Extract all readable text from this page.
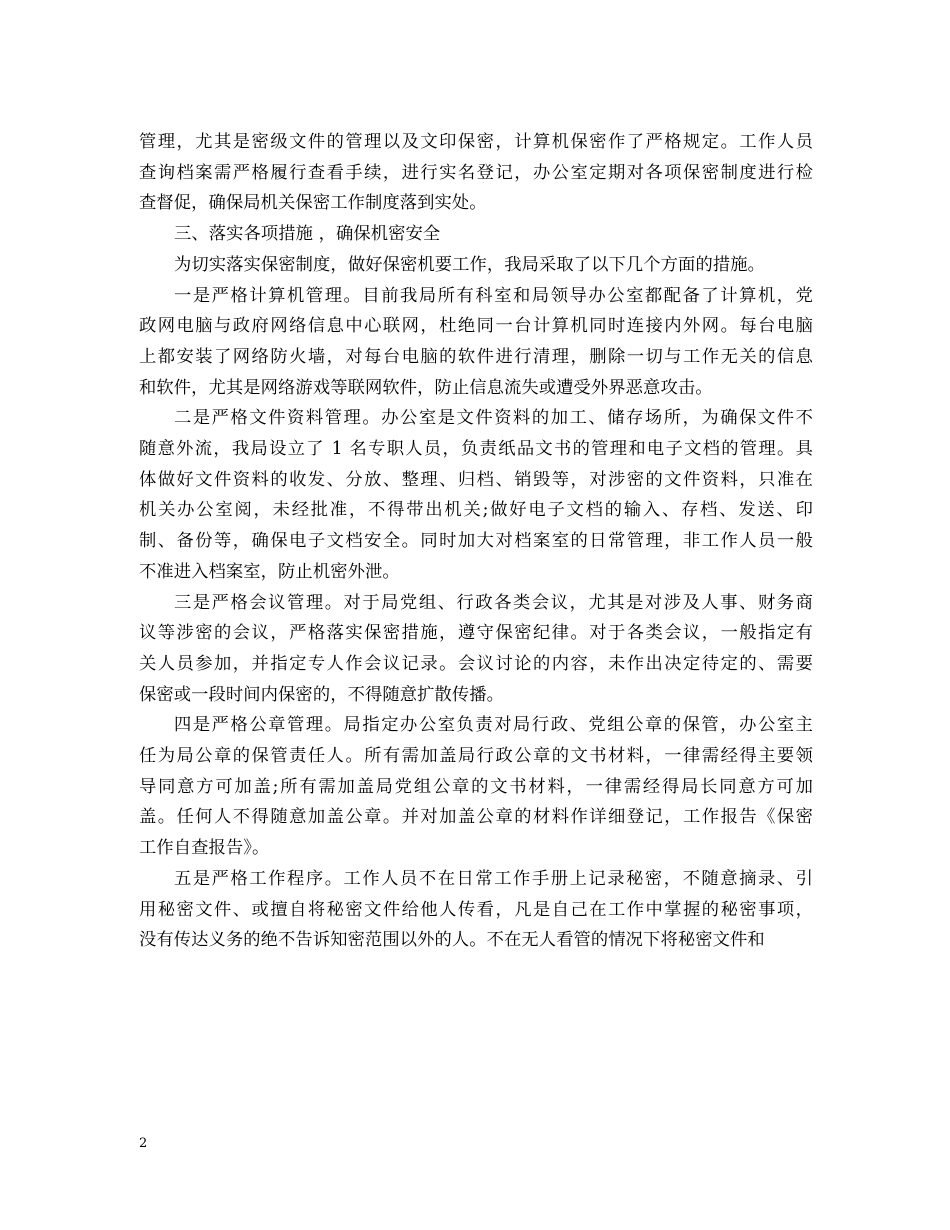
管理，尤其是密级文件的管理以及文印保密，计算机保密作了严格规定。工作人员
查询档案需严格履行查看手续，进行实名登记，办公室定期对各项保密制度进行检
查督促，确保局机关保密工作制度落到实处。
三、落实各项措施 ，确保机密安全
为切实落实保密制度，做好保密机要工作，我局采取了以下几个方面的措施。
一是严格计算机管理。目前我局所有科室和局领导办公室都配备了计算机，党
政网电脑与政府网络信息中心联网，杜绝同一台计算机同时连接内外网。每台电脑
上都安装了网络防火墙，对每台电脑的软件进行清理，删除一切与工作无关的信息
和软件，尤其是网络游戏等联网软件，防止信息流失或遭受外界恶意攻击。
二是严格文件资料管理。办公室是文件资料的加工、储存场所，为确保文件不
随意外流，我局设立了 1 名专职人员，负责纸品文书的管理和电子文档的管理。具
体做好文件资料的收发、分放、整理、归档、销毁等，对涉密的文件资料，只准在
机关办公室阅，未经批准，不得带出机关;做好电子文档的输入、存档、发送、印
制、备份等，确保电子文档安全。同时加大对档案室的日常管理，非工作人员一般
不准进入档案室，防止机密外泄。
三是严格会议管理。对于局党组、行政各类会议，尤其是对涉及人事、财务商
议等涉密的会议，严格落实保密措施，遵守保密纪律。对于各类会议，一般指定有
关人员参加，并指定专人作会议记录。会议讨论的内容，未作出决定待定的、需要
保密或一段时间内保密的，不得随意扩散传播。
四是严格公章管理。局指定办公室负责对局行政、党组公章的保管，办公室主
任为局公章的保管责任人。所有需加盖局行政公章的文书材料，一律需经得主要领
导同意方可加盖;所有需加盖局党组公章的文书材料，一律需经得局长同意方可加
盖。任何人不得随意加盖公章。并对加盖公章的材料作详细登记，工作报告《保密
工作自查报告》。
五是严格工作程序。工作人员不在日常工作手册上记录秘密，不随意摘录、引
用秘密文件、或擅自将秘密文件给他人传看，凡是自己在工作中掌握的秘密事项，
没有传达义务的绝不告诉知密范围以外的人。不在无人看管的情况下将秘密文件和
2
